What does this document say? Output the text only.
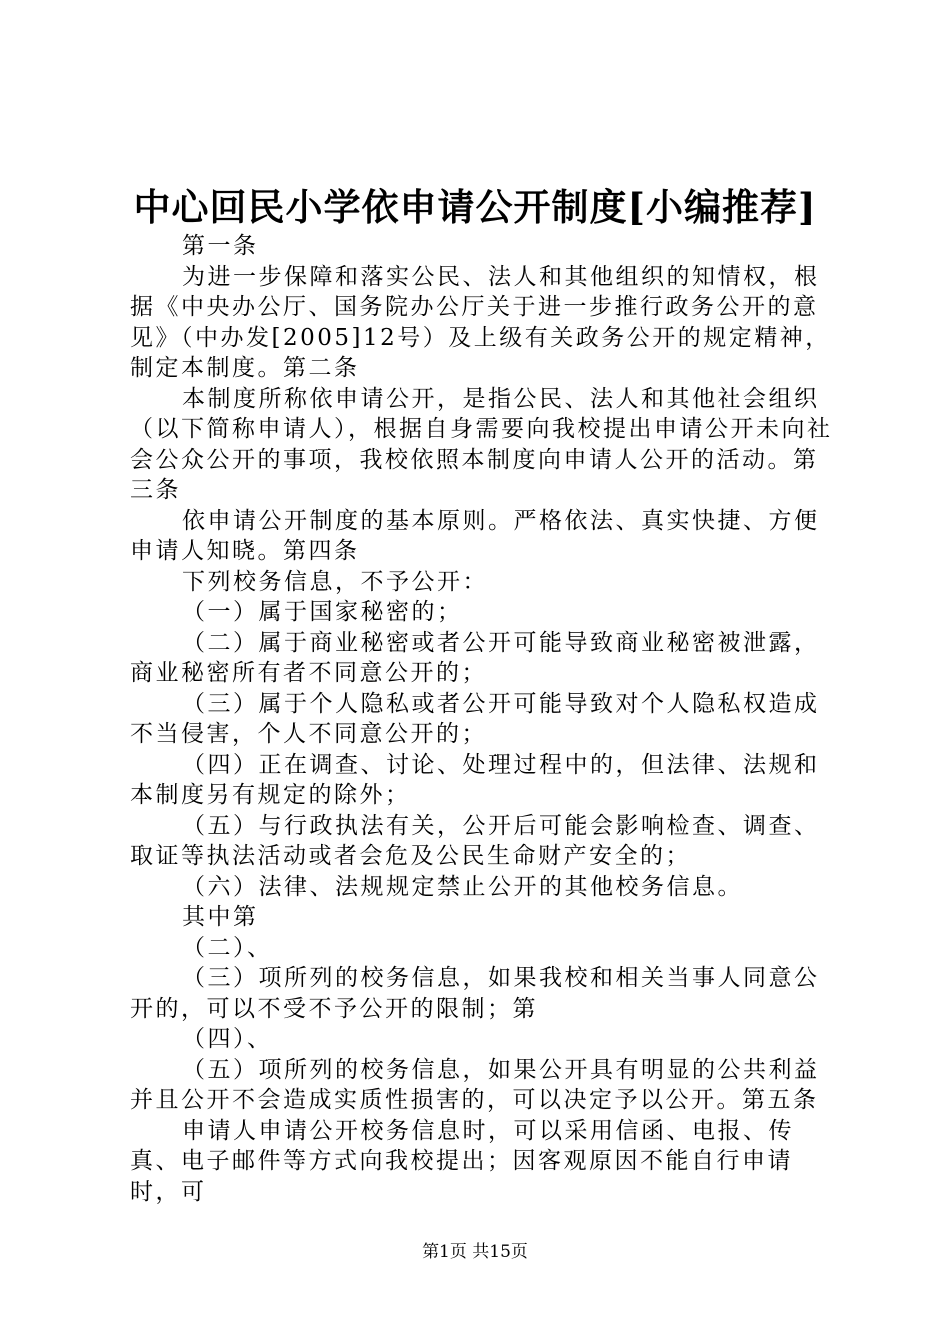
中心回民小学依申请公开制度[小编推荐]

第一条

为进一步保障和落实公民、法人和其他组织的知情权，根据《中央办公厅、国务院办公厅关于进一步推行政务公开的意见》（中办发[2005]12号）及上级有关政务公开的规定精神，制定本制度。第二条

本制度所称依申请公开，是指公民、法人和其他社会组织（以下简称申请人），根据自身需要向我校提出申请公开未向社会公众公开的事项，我校依照本制度向申请人公开的活动。第三条

依申请公开制度的基本原则。严格依法、真实快捷、方便申请人知晓。第四条

下列校务信息，不予公开：

（一）属于国家秘密的；

（二）属于商业秘密或者公开可能导致商业秘密被泄露，商业秘密所有者不同意公开的；

（三）属于个人隐私或者公开可能导致对个人隐私权造成不当侵害，个人不同意公开的；

（四）正在调查、讨论、处理过程中的，但法律、法规和本制度另有规定的除外；

（五）与行政执法有关，公开后可能会影响检查、调查、取证等执法活动或者会危及公民生命财产安全的；

（六）法律、法规规定禁止公开的其他校务信息。

其中第

（二）、

（三）项所列的校务信息，如果我校和相关当事人同意公开的，可以不受不予公开的限制；第

（四）、

（五）项所列的校务信息，如果公开具有明显的公共利益并且公开不会造成实质性损害的，可以决定予以公开。第五条

申请人申请公开校务信息时，可以采用信函、电报、传真、电子邮件等方式向我校提出；因客观原因不能自行申请时，可

第1页 共15页
